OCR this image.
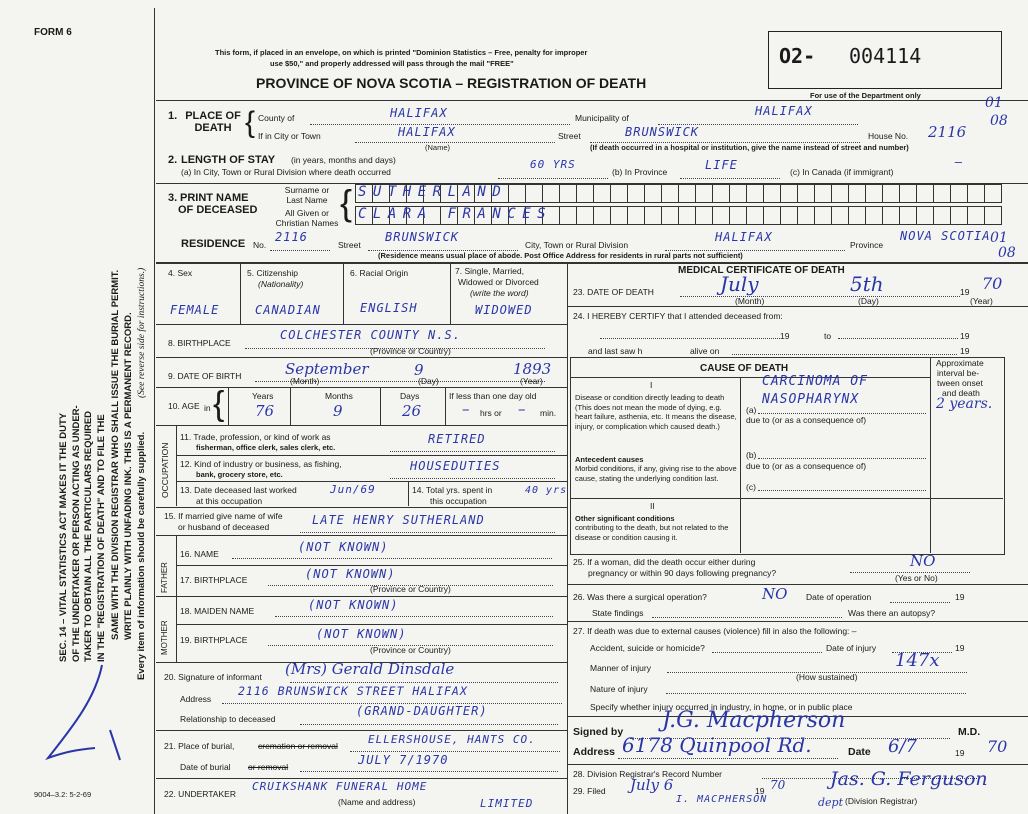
FORM 6
This form, if placed in an envelope, on which is printed "Dominion Statistics – Free, penalty for improper
use $50," and properly addressed will pass through the mail "FREE"
PROVINCE OF NOVA SCOTIA – REGISTRATION OF DEATH
O2- 004114
For use of the Department only
SEC. 14 – VITAL STATISTICS ACT MAKES IT THE DUTY OF THE UNDERTAKER OR PERSON ACTING AS UNDER- TAKER TO OBTAIN ALL THE PARTICULARS REQUIRED IN THE "REGISTRATION OF DEATH" AND TO FILE THE SAME WITH THE DIVISION REGISTRAR WHO SHALL ISSUE THE BURIAL PERMIT. WRITE PLAINLY WITH UNFADING INK. THIS IS A PERMANENT RECORD. (See reverse side for instructions.)
Every item of information should be carefully supplied.
9004–3.2: 5-2-69
1. PLACE OF DEATH { County of	HALIFAX	Municipality of	HALIFAX
If in City or Town	HALIFAX
(Name)
Street	BRUNSWICK	House No. 2116
01
08
(If death occurred in a hospital or institution, give the name instead of street and number)
2. LENGTH OF STAY (in years, months and days)
(a) In City, Town or Rural Division where death occurred
60 YRS
(b) In Province	LIFE	(c) In Canada (if immigrant)
–
3. PRINT NAME
OF DECEASED
Surname or
Last Name
All Given or
Christian Names { SUTHERLAND
CLARA FRANCES
RESIDENCE No.
2116
Street
BRUNSWICK
City, Town or Rural Division
HALIFAX
Province
NOVA SCOTIA 01
08
(Residence means usual place of abode. Post Office Address for residents in rural parts not sufficient)
4. Sex
FEMALE
5. Citizenship
(Nationality)
CANADIAN
6. Racial Origin
ENGLISH
7. Single, Married,
Widowed or Divorced
(write the word)
WIDOWED
8. BIRTHPLACE
COLCHESTER COUNTY N.S.
(Province or Country)
9. DATE OF BIRTH	September	9	1893
(Month)	(Day)	(Year)
10. AGE in {	Years
76
Months
9
Days
26
If less than one day old
– hrs or – min.
OCCUPATION
11. Trade, profession, or kind of work as
fisherman, office clerk, sales clerk, etc.
RETIRED
12. Kind of industry or business, as fishing,
bank, grocery store, etc.
HOUSEDUTIES
13. Date deceased last worked
at this occupation
Jun/69	14. Total yrs. spent in
this occupation
40 yrs
15. If married give name of wife
or husband of deceased	LATE HENRY SUTHERLAND
FATHER
MOTHER
16. NAME	(NOT KNOWN)
17. BIRTHPLACE	(NOT KNOWN)
(Province or Country)
18. MAIDEN NAME	(NOT KNOWN)
19. BIRTHPLACE	(NOT KNOWN)
(Province or Country)
20. Signature of informant (Mrs) Gerald Dinsdale
Address
2116 BRUNSWICK STREET HALIFAX
Relationship to deceased
(GRAND-DAUGHTER)
21. Place of burial,	cremation or removal	ELLERSHOUSE, HANTS CO.
Date of burial or removal	JULY 7/1970
22. UNDERTAKER
CRUIKSHANK FUNERAL HOME
LIMITED
(Name and address)
MEDICAL CERTIFICATE OF DEATH
23. DATE OF DEATH	July	5th	19 70
(Month)	(Day)	(Year)
24. I HEREBY CERTIFY that I attended deceased from:
19	to	19
and last saw h	alive on	19
CAUSE OF DEATH	Approximate
interval be-
tween onset
and death
I
Disease or condition directly leading to death (This does not mean the mode of dying, e.g. heart failure, asthenia, etc. It means the disease, injury, or complication which caused death.)
(a)
CARCINOMA OF
NASOPHARYNX	2 years.
due to (or as a consequence of)
Antecedent causes
Morbid conditions, if any, giving rise to the above cause, stating the underlying condition last.
(b)
due to (or as a consequence of)
(c)
II
Other significant conditions
contributing to the death, but not related to the disease or condition causing it.
25. If a woman, did the death occur either during
pregnancy or within 90 days following pregnancy?
NO
(Yes or No)
26. Was there a surgical operation?	NO Date of operation	19
State findings	Was there an autopsy?
27. If death was due to external causes (violence) fill in also the following: –
Accident, suicide or homicide?	Date of injury	19
Manner of injury	147x
(How sustained)
Nature of injury
Specify whether injury occurred in industry, in home, or in public place
Signed by J.G. Macpherson	M.D.
Address 6178 Quinpool Rd.	Date 6/7	19 70
28. Division Registrar's Record Number
29. Filed July 6	19 70
I. MACPHERSON	dept
Jas. G. Ferguson
(Division Registrar)
